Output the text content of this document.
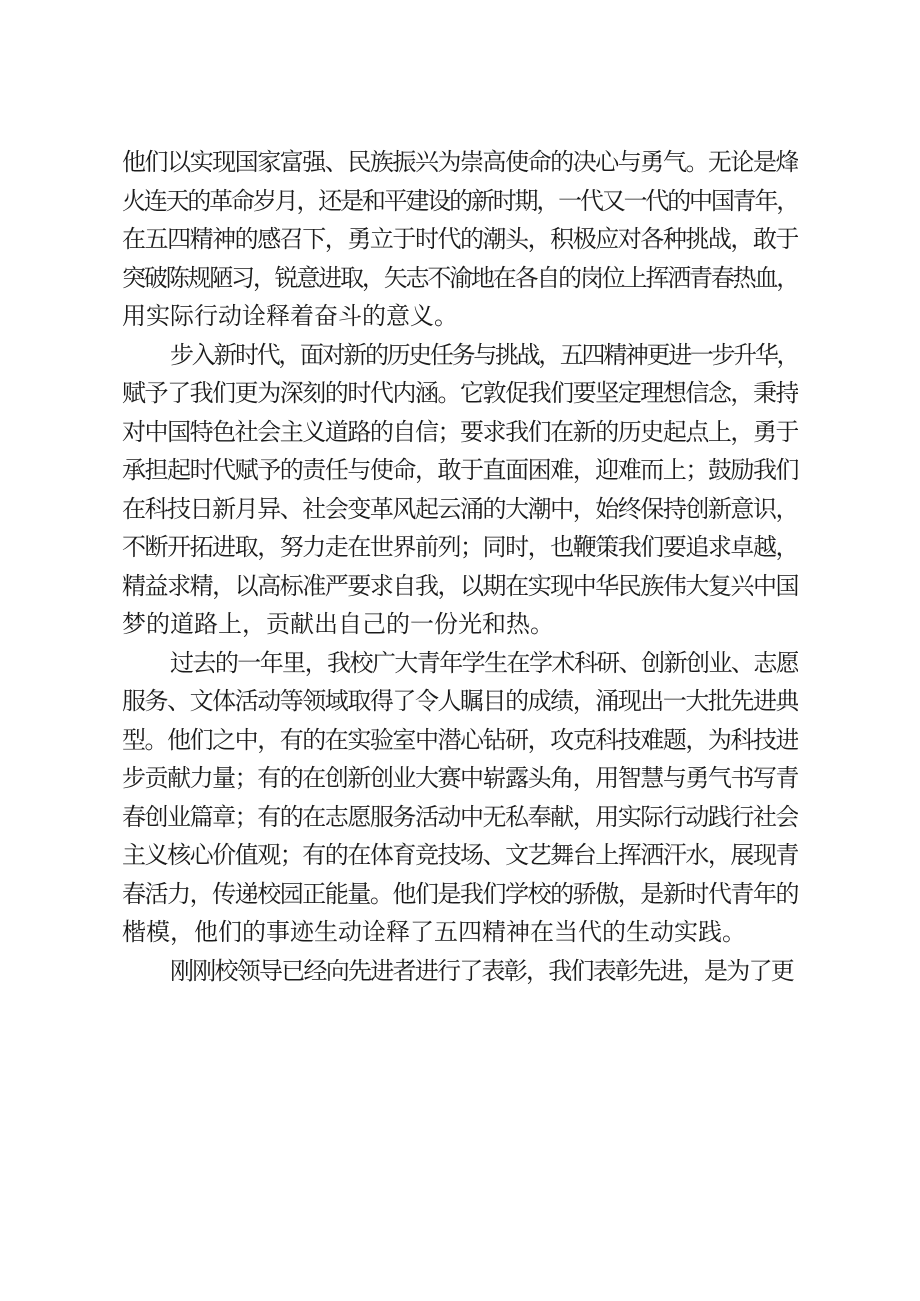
他们以实现国家富强、民族振兴为崇高使命的决心与勇气。无论是烽
火连天的革命岁月，还是和平建设的新时期，一代又一代的中国青年，
在五四精神的感召下，勇立于时代的潮头，积极应对各种挑战，敢于
突破陈规陋习，锐意进取，矢志不渝地在各自的岗位上挥洒青春热血，
用实际行动诠释着奋斗的意义。
步入新时代，面对新的历史任务与挑战，五四精神更进一步升华，
赋予了我们更为深刻的时代内涵。它敦促我们要坚定理想信念，秉持
对中国特色社会主义道路的自信；要求我们在新的历史起点上，勇于
承担起时代赋予的责任与使命，敢于直面困难，迎难而上；鼓励我们
在科技日新月异、社会变革风起云涌的大潮中，始终保持创新意识，
不断开拓进取，努力走在世界前列；同时，也鞭策我们要追求卓越，
精益求精，以高标准严要求自我，以期在实现中华民族伟大复兴中国
梦的道路上，贡献出自己的一份光和热。
过去的一年里，我校广大青年学生在学术科研、创新创业、志愿
服务、文体活动等领域取得了令人瞩目的成绩，涌现出一大批先进典
型。他们之中，有的在实验室中潜心钻研，攻克科技难题，为科技进
步贡献力量；有的在创新创业大赛中崭露头角，用智慧与勇气书写青
春创业篇章；有的在志愿服务活动中无私奉献，用实际行动践行社会
主义核心价值观；有的在体育竞技场、文艺舞台上挥洒汗水，展现青
春活力，传递校园正能量。他们是我们学校的骄傲，是新时代青年的
楷模，他们的事迹生动诠释了五四精神在当代的生动实践。
刚刚校领导已经向先进者进行了表彰，我们表彰先进，是为了更
